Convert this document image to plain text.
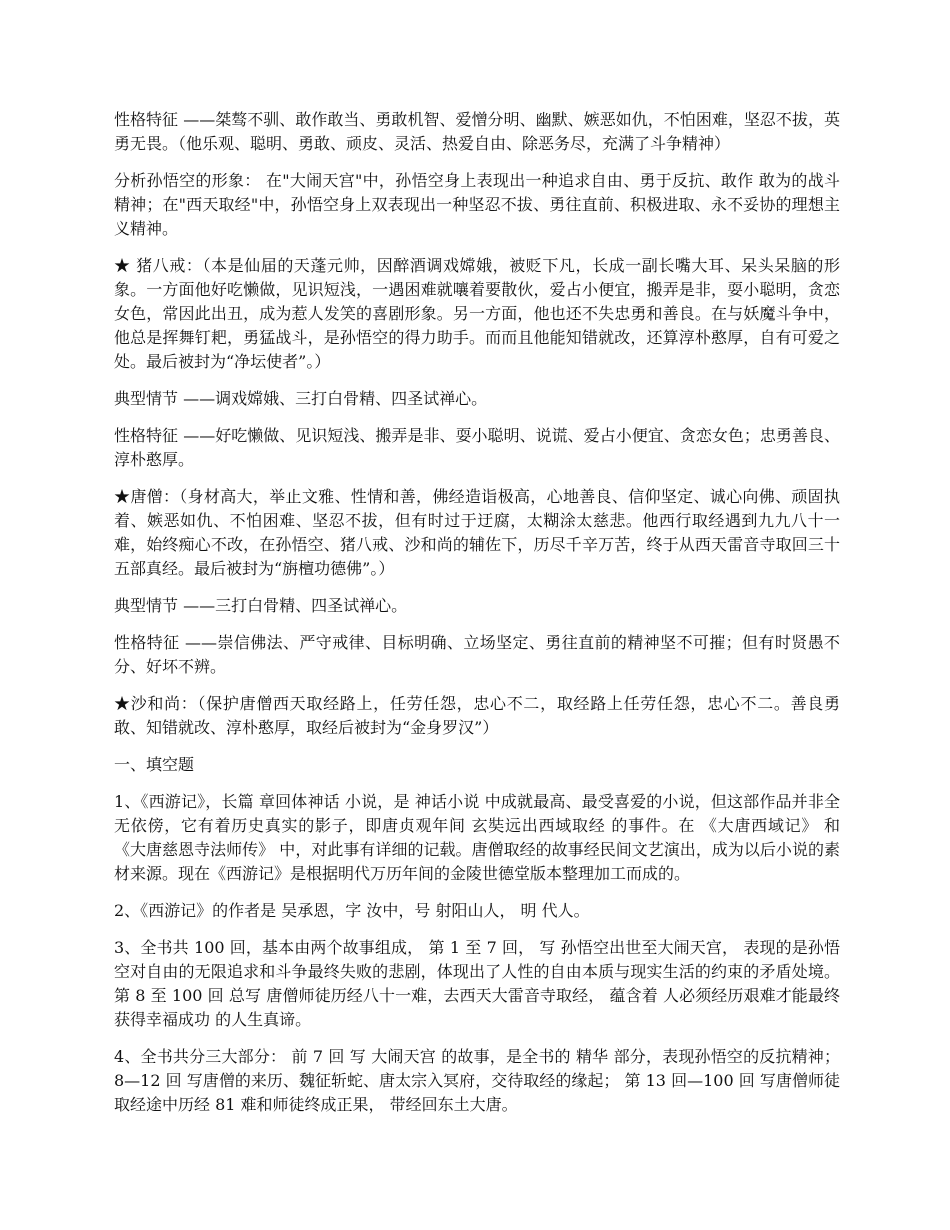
性格特征 ——桀骜不驯、敢作敢当、勇敢机智、爱憎分明、幽默、嫉恶如仇，不怕困难，坚忍不拔，英勇无畏。（他乐观、聪明、勇敢、顽皮、灵活、热爱自由、除恶务尽，充满了斗争精神）

分析孙悟空的形象： 在"大闹天宫"中，孙悟空身上表现出一种追求自由、勇于反抗、敢作 敢为的战斗精神；在"西天取经"中，孙悟空身上双表现出一种坚忍不拔、勇往直前、积极进取、永不妥协的理想主义精神。

★ 猪八戒：（本是仙届的天蓬元帅，因醉酒调戏嫦娥，被贬下凡，长成一副长嘴大耳、呆头呆脑的形象。一方面他好吃懒做，见识短浅，一遇困难就嚷着要散伙，爱占小便宜，搬弄是非，耍小聪明，贪恋女色，常因此出丑，成为惹人发笑的喜剧形象。另一方面，他也还不失忠勇和善良。在与妖魔斗争中，他总是挥舞钉耙，勇猛战斗，是孙悟空的得力助手。而而且他能知错就改，还算淳朴憨厚，自有可爱之处。最后被封为“净坛使者”。）

典型情节 ——调戏嫦娥、三打白骨精、四圣试禅心。

性格特征 ——好吃懒做、见识短浅、搬弄是非、耍小聪明、说谎、爱占小便宜、贪恋女色；忠勇善良、淳朴憨厚。

★唐僧：（身材高大，举止文雅、性情和善，佛经造诣极高，心地善良、信仰坚定、诚心向佛、顽固执着、嫉恶如仇、不怕困难、坚忍不拔，但有时过于迂腐，太糊涂太慈悲。他西行取经遇到九九八十一难，始终痴心不改，在孙悟空、猪八戒、沙和尚的辅佐下，历尽千辛万苦，终于从西天雷音寺取回三十五部真经。最后被封为“旃檀功德佛”。）

典型情节 ——三打白骨精、四圣试禅心。

性格特征 ——崇信佛法、严守戒律、目标明确、立场坚定、勇往直前的精神坚不可摧；但有时贤愚不分、好坏不辨。

★沙和尚：（保护唐僧西天取经路上，任劳任怨，忠心不二，取经路上任劳任怨，忠心不二。善良勇敢、知错就改、淳朴憨厚，取经后被封为“金身罗汉”）

一、填空题

1、《西游记》，长篇 章回体神话 小说，是 神话小说 中成就最高、最受喜爱的小说，但这部作品并非全无依傍，它有着历史真实的影子，即唐贞观年间 玄奘远出西域取经 的事件。在 《大唐西域记》 和 《大唐慈恩寺法师传》 中，对此事有详细的记载。唐僧取经的故事经民间文艺演出，成为以后小说的素材来源。现在《西游记》是根据明代万历年间的金陵世德堂版本整理加工而成的。

2、《西游记》的作者是 吴承恩，字 汝中，号 射阳山人， 明 代人。

3、全书共 100 回，基本由两个故事组成， 第 1 至 7 回， 写 孙悟空出世至大闹天宫， 表现的是孙悟空对自由的无限追求和斗争最终失败的悲剧，体现出了人性的自由本质与现实生活的约束的矛盾处境。 第 8 至 100 回 总写 唐僧师徒历经八十一难，去西天大雷音寺取经， 蕴含着 人必须经历艰难才能最终获得幸福成功 的人生真谛。

4、全书共分三大部分： 前 7 回 写 大闹天宫 的故事，是全书的 精华 部分，表现孙悟空的反抗精神； 8—12 回 写唐僧的来历、魏征斩蛇、唐太宗入冥府，交待取经的缘起； 第 13 回—100 回 写唐僧师徒取经途中历经 81 难和师徒终成正果， 带经回东土大唐。
